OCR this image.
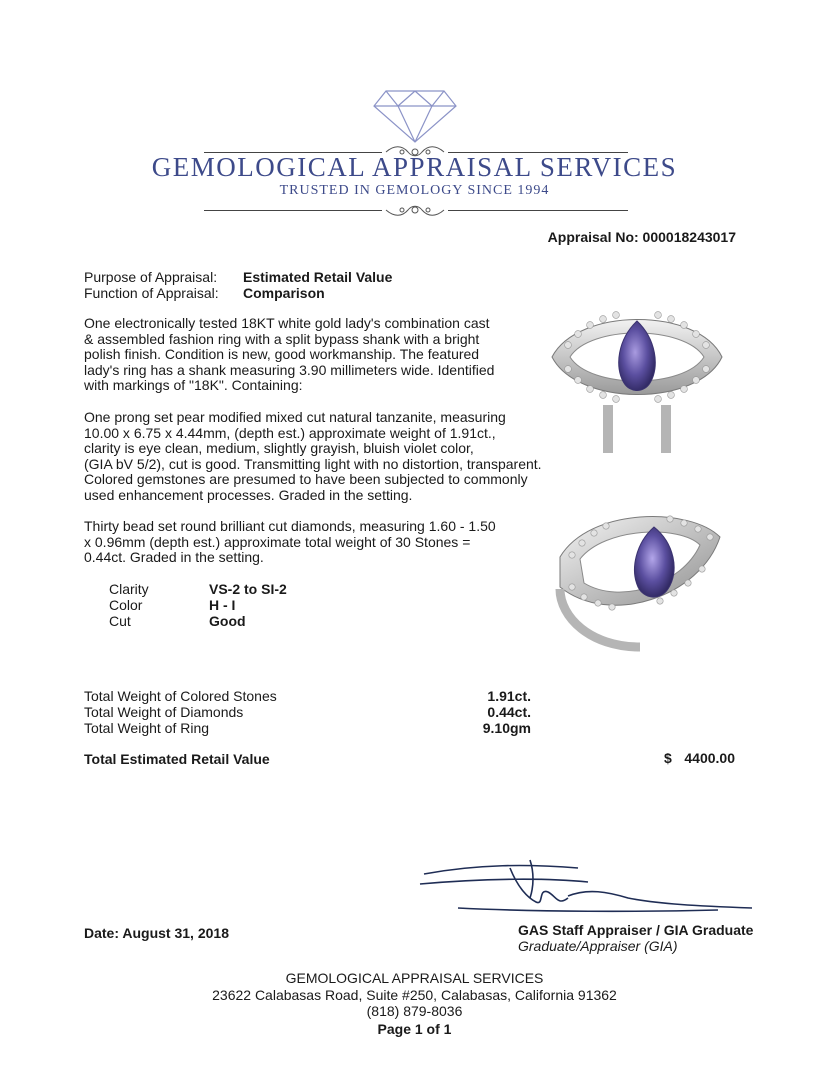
GEMOLOGICAL APPRAISAL SERVICES
TRUSTED IN GEMOLOGY SINCE 1994
Appraisal No: 000018243017
Purpose of Appraisal: Estimated Retail Value
Function of Appraisal: Comparison
One electronically tested 18KT white gold lady's combination cast
& assembled fashion ring with a split bypass shank with a bright
polish finish. Condition is new, good workmanship. The featured
lady's ring has a shank measuring 3.90 millimeters wide. Identified
with markings of "18K". Containing:
One prong set pear modified mixed cut natural tanzanite, measuring
10.00 x 6.75 x 4.44mm, (depth est.) approximate weight of 1.91ct.,
clarity is eye clean, medium, slightly grayish, bluish violet color,
(GIA bV 5/2), cut is good. Transmitting light with no distortion, transparent.
Colored gemstones are presumed to have been subjected to commonly
used enhancement processes. Graded in the setting.
Thirty bead set round brilliant cut diamonds, measuring 1.60 - 1.50
x 0.96mm (depth est.) approximate total weight of 30 Stones =
0.44ct. Graded in the setting.
Clarity	VS-2 to SI-2
Color	H - I
Cut	Good
Total Weight of Colored Stones	1.91ct.
Total Weight of Diamonds	0.44ct.
Total Weight of Ring	9.10gm
Total Estimated Retail Value	$ 4400.00
Date: August 31, 2018	GAS Staff Appraiser / GIA Graduate
Graduate/Appraiser (GIA)
GEMOLOGICAL APPRAISAL SERVICES
23622 Calabasas Road, Suite #250, Calabasas, California 91362
(818) 879-8036
Page 1 of 1
